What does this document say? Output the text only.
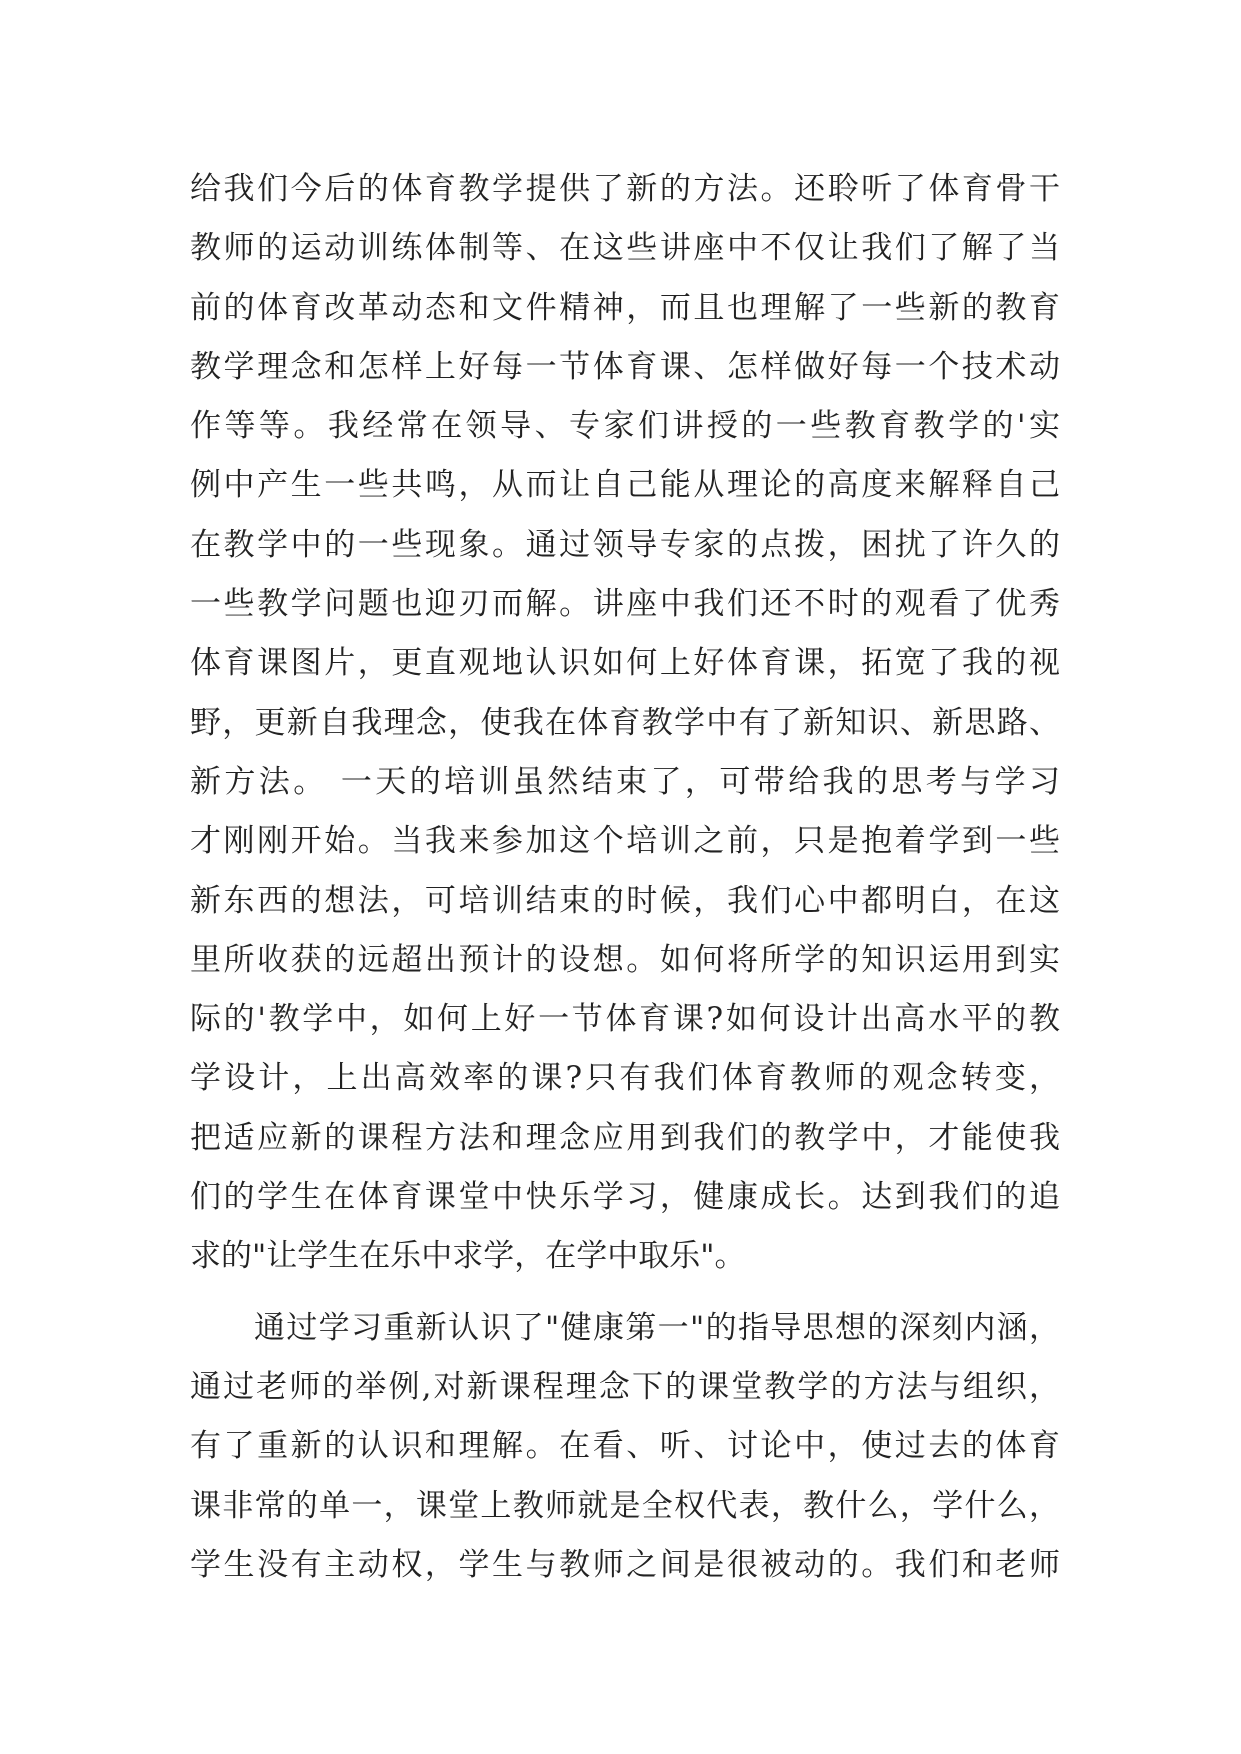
给我们今后的体育教学提供了新的方法。还聆听了体育骨干
教师的运动训练体制等、在这些讲座中不仅让我们了解了当
前的体育改革动态和文件精神，而且也理解了一些新的教育
教学理念和怎样上好每一节体育课、怎样做好每一个技术动
作等等。我经常在领导、专家们讲授的一些教育教学的'实
例中产生一些共鸣，从而让自己能从理论的高度来解释自己
在教学中的一些现象。通过领导专家的点拨，困扰了许久的
一些教学问题也迎刃而解。讲座中我们还不时的观看了优秀
体育课图片，更直观地认识如何上好体育课，拓宽了我的视
野，更新自我理念，使我在体育教学中有了新知识、新思路、
新方法。 一天的培训虽然结束了，可带给我的思考与学习
才刚刚开始。当我来参加这个培训之前，只是抱着学到一些
新东西的想法，可培训结束的时候，我们心中都明白，在这
里所收获的远超出预计的设想。如何将所学的知识运用到实
际的'教学中，如何上好一节体育课?如何设计出高水平的教
学设计，上出高效率的课?只有我们体育教师的观念转变，
把适应新的课程方法和理念应用到我们的教学中，才能使我
们的学生在体育课堂中快乐学习，健康成长。达到我们的追
求的"让学生在乐中求学，在学中取乐"。
通过学习重新认识了"健康第一"的指导思想的深刻内涵，
通过老师的举例,对新课程理念下的课堂教学的方法与组织，
有了重新的认识和理解。在看、听、讨论中，使过去的体育
课非常的单一，课堂上教师就是全权代表，教什么，学什么，
学生没有主动权，学生与教师之间是很被动的。我们和老师
